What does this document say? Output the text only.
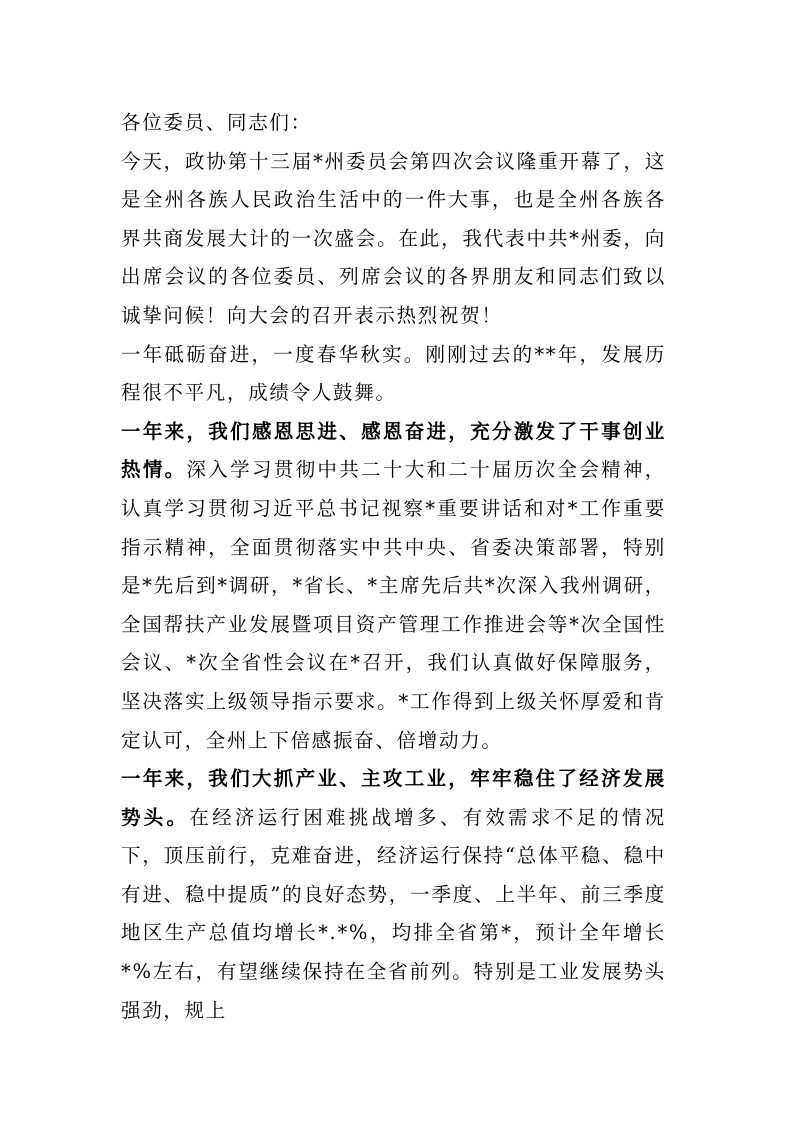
各位委员、同志们：

今天，政协第十三届*州委员会第四次会议隆重开幕了，这是全州各族人民政治生活中的一件大事，也是全州各族各界共商发展大计的一次盛会。在此，我代表中共*州委，向出席会议的各位委员、列席会议的各界朋友和同志们致以诚挚问候！向大会的召开表示热烈祝贺！

一年砥砺奋进，一度春华秋实。刚刚过去的**年，发展历程很不平凡，成绩令人鼓舞。

一年来，我们感恩思进、感恩奋进，充分激发了干事创业热情。深入学习贯彻中共二十大和二十届历次全会精神，认真学习贯彻习近平总书记视察*重要讲话和对*工作重要指示精神，全面贯彻落实中共中央、省委决策部署，特别是*先后到*调研，*省长、*主席先后共*次深入我州调研，全国帮扶产业发展暨项目资产管理工作推进会等*次全国性会议、*次全省性会议在*召开，我们认真做好保障服务，坚决落实上级领导指示要求。*工作得到上级关怀厚爱和肯定认可，全州上下倍感振奋、倍增动力。

一年来，我们大抓产业、主攻工业，牢牢稳住了经济发展势头。在经济运行困难挑战增多、有效需求不足的情况下，顶压前行，克难奋进，经济运行保持“总体平稳、稳中有进、稳中提质”的良好态势，一季度、上半年、前三季度地区生产总值均增长*.*%，均排全省第*，预计全年增长*%左右，有望继续保持在全省前列。特别是工业发展势头强劲，规上
